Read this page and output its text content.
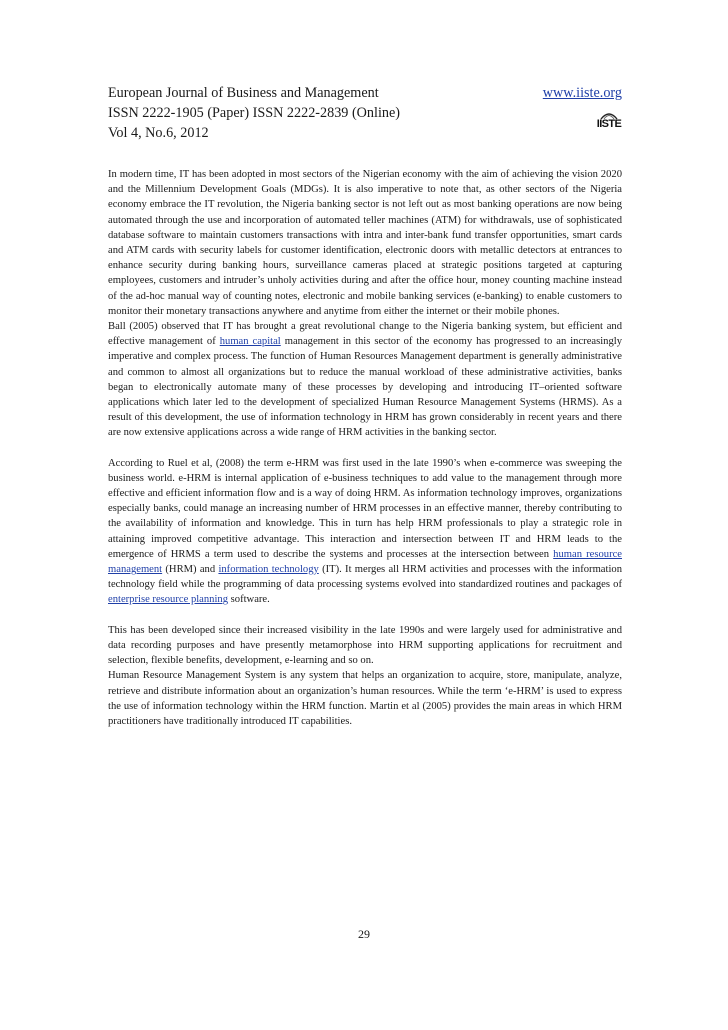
European Journal of Business and Management
ISSN 2222-1905 (Paper) ISSN 2222-2839 (Online)
Vol 4, No.6, 2012
www.iiste.org
IISTE

In modern time, IT has been adopted in most sectors of the Nigerian economy with the aim of achieving the vision 2020 and the Millennium Development Goals (MDGs). It is also imperative to note that, as other sectors of the Nigeria economy embrace the IT revolution, the Nigeria banking sector is not left out as most banking operations are now being automated through the use and incorporation of automated teller machines (ATM) for withdrawals, use of sophisticated database software to maintain customers transactions with intra and inter-bank fund transfer opportunities, smart cards and ATM cards with security labels for customer identification, electronic doors with metallic detectors at entrances to enhance security during banking hours, surveillance cameras placed at strategic positions targeted at capturing employees, customers and intruder’s unholy activities during and after the office hour, money counting machine instead of the ad-hoc manual way of counting notes, electronic and mobile banking services (e-banking) to enable customers to monitor their monetary transactions anywhere and anytime from either the internet or their mobile phones.

Ball (2005) observed that IT has brought a great revolutional change to the Nigeria banking system, but efficient and effective management of human capital management in this sector of the economy has progressed to an increasingly imperative and complex process. The function of Human Resources Management department is generally administrative and common to almost all organizations but to reduce the manual workload of these administrative activities, banks began to electronically automate many of these processes by developing and introducing IT–oriented software applications which later led to the development of specialized Human Resource Management Systems (HRMS). As a result of this development, the use of information technology in HRM has grown considerably in recent years and there are now extensive applications across a wide range of HRM activities in the banking sector.

According to Ruel et al, (2008) the term e-HRM was first used in the late 1990’s when e-commerce was sweeping the business world. e-HRM is internal application of e-business techniques to add value to the management through more effective and efficient information flow and is a way of doing HRM. As information technology improves, organizations especially banks, could manage an increasing number of HRM processes in an effective manner, thereby contributing to the availability of information and knowledge. This in turn has help HRM professionals to play a strategic role in attaining improved competitive advantage. This interaction and intersection between IT and HRM leads to the emergence of HRMS a term used to describe the systems and processes at the intersection between human resource management (HRM) and information technology (IT). It merges all HRM activities and processes with the information technology field while the programming of data processing systems evolved into standardized routines and packages of enterprise resource planning software.

This has been developed since their increased visibility in the late 1990s and were largely used for administrative and data recording purposes and have presently metamorphose into HRM supporting applications for recruitment and selection, flexible benefits, development, e-learning and so on.

Human Resource Management System is any system that helps an organization to acquire, store, manipulate, analyze, retrieve and distribute information about an organization’s human resources. While the term ‘e-HRM’ is used to express the use of information technology within the HRM function. Martin et al (2005) provides the main areas in which HRM practitioners have traditionally introduced IT capabilities.

29
